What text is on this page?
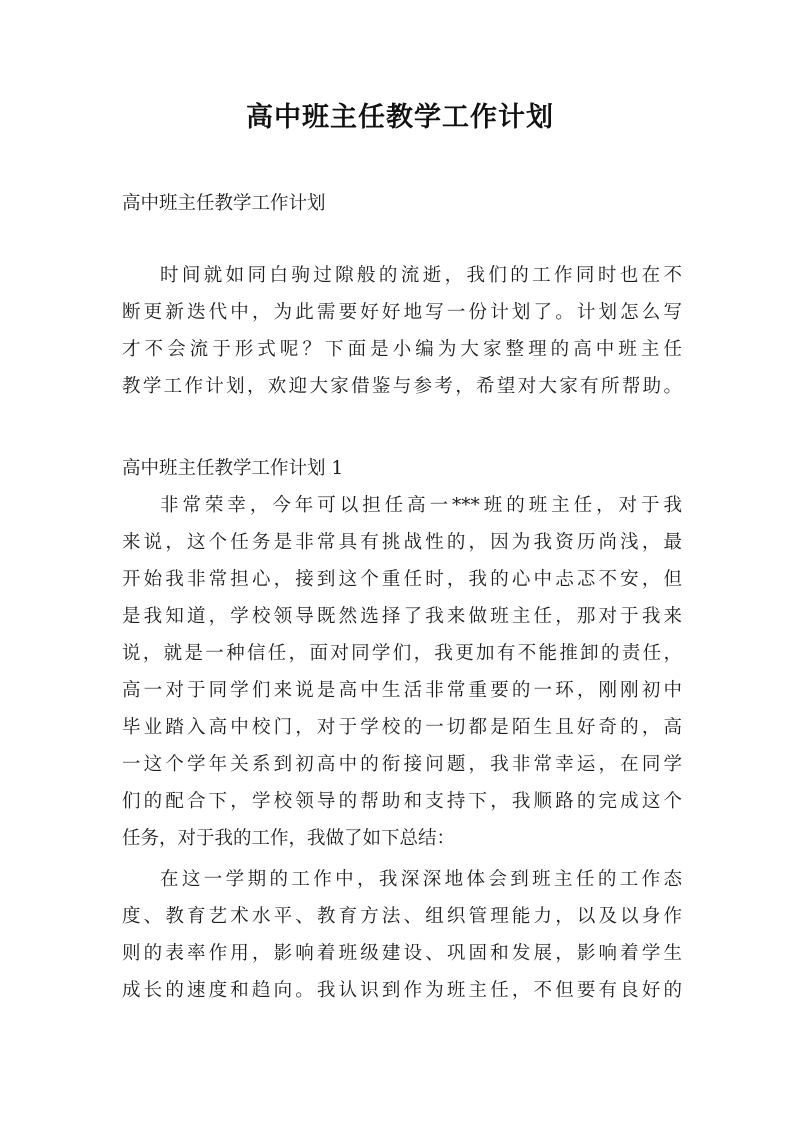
高中班主任教学工作计划
高中班主任教学工作计划
时间就如同白驹过隙般的流逝，我们的工作同时也在不
断更新迭代中，为此需要好好地写一份计划了。计划怎么写
才不会流于形式呢？下面是小编为大家整理的高中班主任
教学工作计划，欢迎大家借鉴与参考，希望对大家有所帮助。
高中班主任教学工作计划 1
非常荣幸，今年可以担任高一***班的班主任，对于我
来说，这个任务是非常具有挑战性的，因为我资历尚浅，最
开始我非常担心，接到这个重任时，我的心中忐忑不安，但
是我知道，学校领导既然选择了我来做班主任，那对于我来
说，就是一种信任，面对同学们，我更加有不能推卸的责任，
高一对于同学们来说是高中生活非常重要的一环，刚刚初中
毕业踏入高中校门，对于学校的一切都是陌生且好奇的，高
一这个学年关系到初高中的衔接问题，我非常幸运，在同学
们的配合下，学校领导的帮助和支持下，我顺路的完成这个
任务，对于我的工作，我做了如下总结：
在这一学期的工作中，我深深地体会到班主任的工作态
度、教育艺术水平、教育方法、组织管理能力，以及以身作
则的表率作用，影响着班级建设、巩固和发展，影响着学生
成长的速度和趋向。我认识到作为班主任，不但要有良好的
